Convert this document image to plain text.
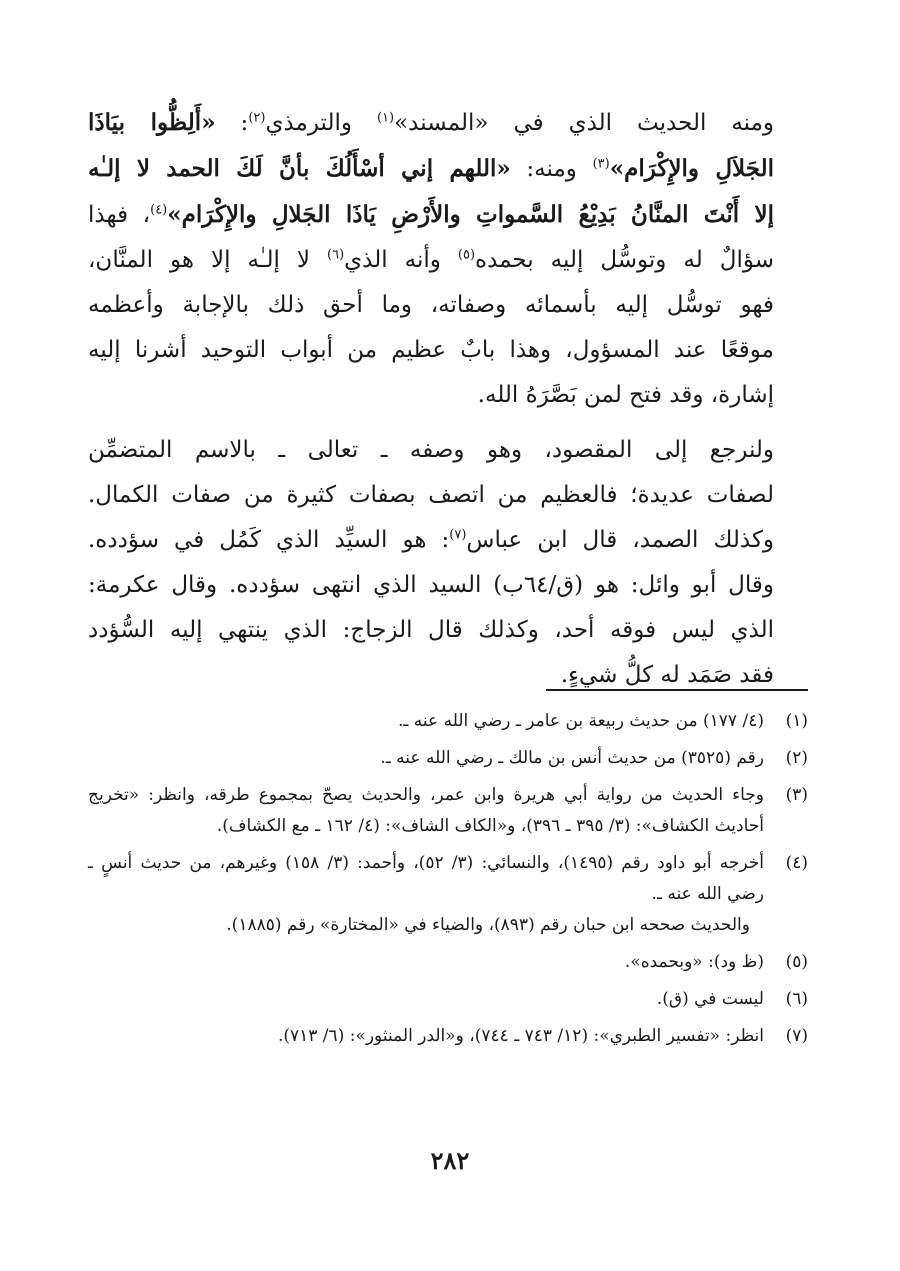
ومنه الحديث الذي في «المسند»$^{(١)}$ والترمذي$^{(٢)}$: «أَلِظُّوا بيَاذَا
الجَلاَلِ والإِكْرَام»$^{(٣)}$ ومنه: «اللهم إني أسْأَلُكَ بأنَّ لَكَ الحمد لا إلـٰه
إلا أَنْتَ المنَّانُ بَدِيْعُ السَّمواتِ والأَرْضِ يَاذَا الجَلالِ والإِكْرَام»$^{(٤)}$، فهذا
سؤالٌ له وتوسُّل إليه بحمده$^{(٥)}$ وأنه الذي$^{(٦)}$ لا إلـٰه إلا هو المنَّان،
فهو توسُّل إليه بأسمائه وصفاته، وما أحق ذلك بالإجابة وأعظمه
موقعًا عند المسؤول، وهذا بابٌ عظيم من أبواب التوحيد أشرنا إليه
إشارة، وقد فتح لمن بَصَّرَهُ الله.

ولنرجع إلى المقصود، وهو وصفه ـ تعالى ـ بالاسم المتضمِّن
لصفات عديدة؛ فالعظيم من اتصف بصفات كثيرة من صفات الكمال.
وكذلك الصمد، قال ابن عباس$^{(٧)}$: هو السيِّد الذي كَمُل في سؤدده.
وقال أبو وائل: هو (ق/٦٤ب) السيد الذي انتهى سؤدده. وقال عكرمة:
الذي ليس فوقه أحد، وكذلك قال الزجاج: الذي ينتهي إليه السُّؤدد
فقد صَمَد له كلُّ شيءٍ.

(١)
(٤/ ١٧٧) من حديث ربيعة بن عامر ـ رضي الله عنه ـ.
(٢)
رقم (٣٥٢٥) من حديث أنس بن مالك ـ رضي الله عنه ـ.
(٣)
وجاء الحديث من رواية أبي هريرة وابن عمر، والحديث يصحّ بمجموع طرقه، وانظر: «تخريج أحاديث الكشاف»: (٣/ ٣٩٥ ـ ٣٩٦)، و«الكاف الشاف»: (٤/ ١٦٢ ـ مع الكشاف).
(٤)
أخرجه أبو داود رقم (١٤٩٥)، والنسائي: (٣/ ٥٢)، وأحمد: (٣/ ١٥٨) وغيرهم، من حديث أنسٍ ـ رضي الله عنه ـ.
والحديث صححه ابن حبان رقم (٨٩٣)، والضياء في «المختارة» رقم (١٨٨٥).
(٥)
(ظ ود): «وبحمده».
(٦)
ليست في (ق).
(٧)
انظر: «تفسير الطبري»: (١٢/ ٧٤٣ ـ ٧٤٤)، و«الدر المنثور»: (٦/ ٧١٣).
٢٨٢
